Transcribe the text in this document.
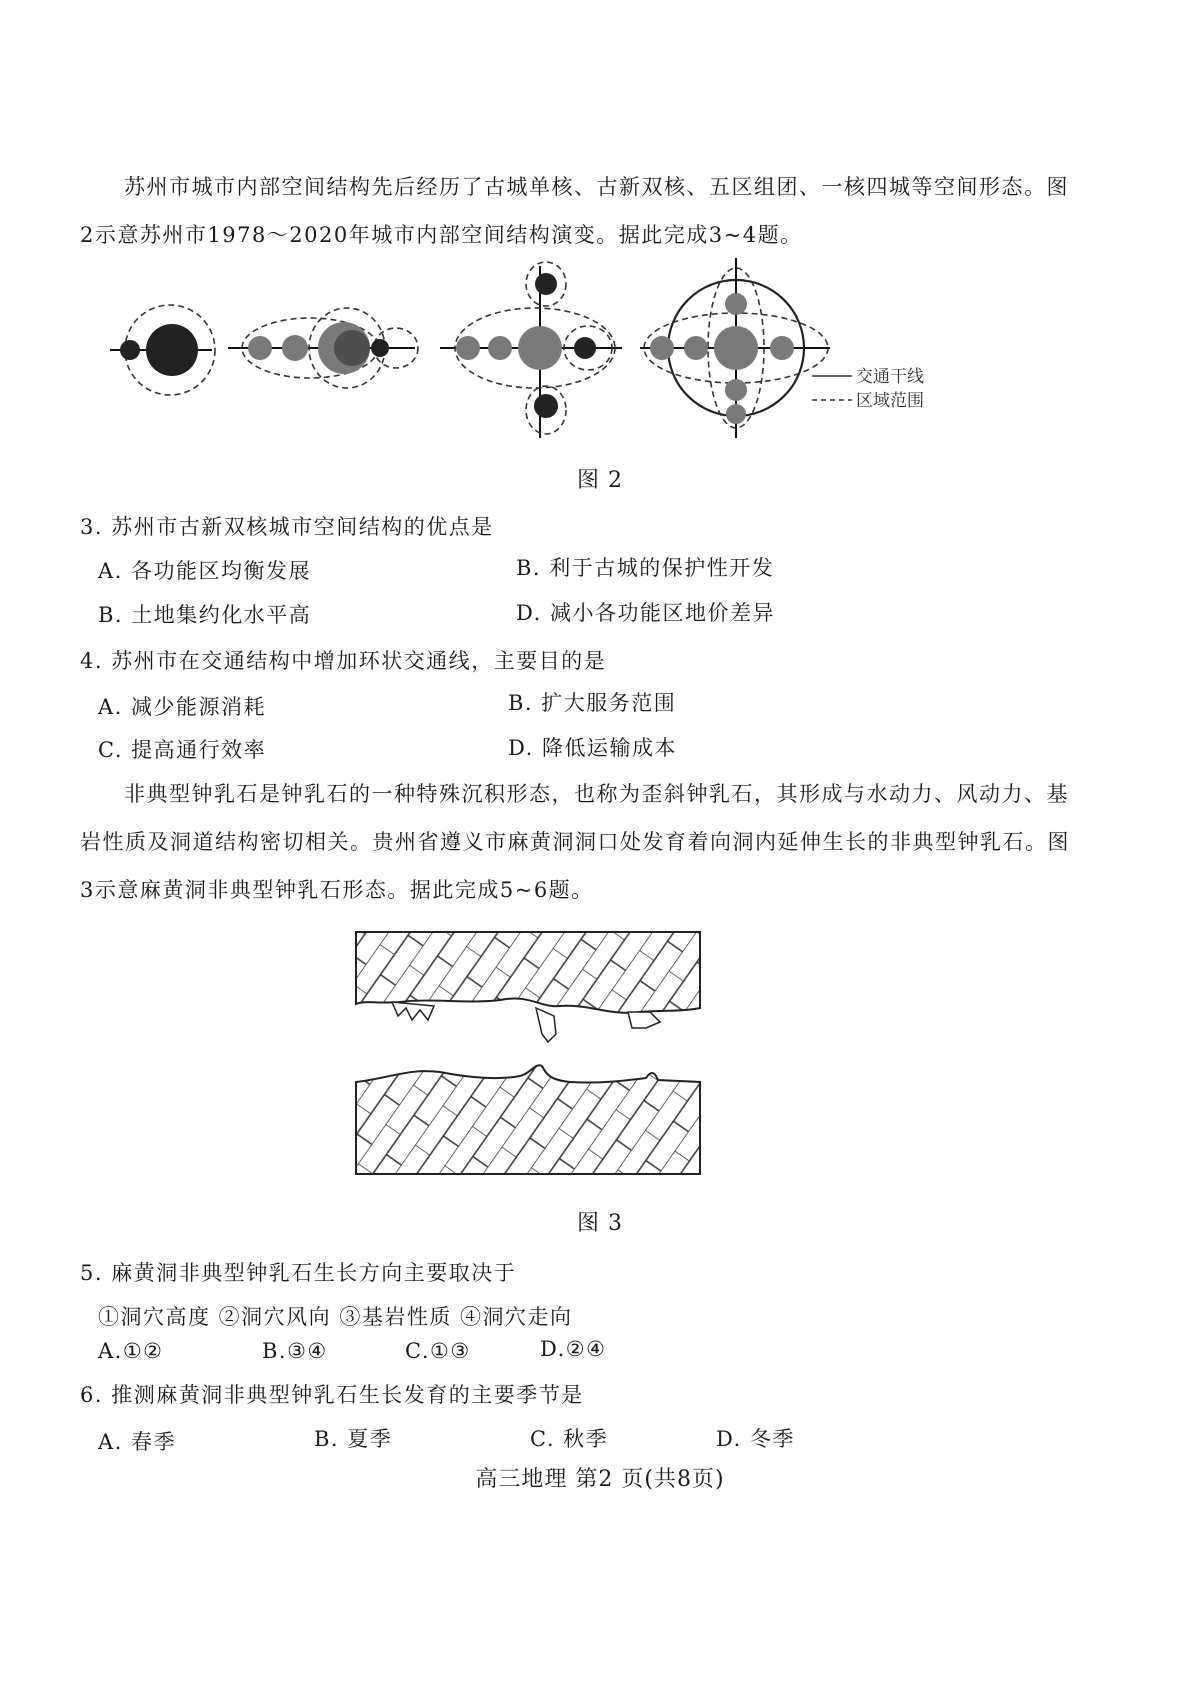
苏州市城市内部空间结构先后经历了古城单核、古新双核、五区组团、一核四城等空间形态。图2示意苏州市1978～2020年城市内部空间结构演变。据此完成3~4题。

交通干线
区域范围

图 2

3. 苏州市古新双核城市空间结构的优点是

A. 各功能区均衡发展	B. 利于古城的保护性开发

B. 土地集约化水平高	D. 减小各功能区地价差异

4. 苏州市在交通结构中增加环状交通线，主要目的是

A. 减少能源消耗	B. 扩大服务范围

C. 提高通行效率	D. 降低运输成本

非典型钟乳石是钟乳石的一种特殊沉积形态，也称为歪斜钟乳石，其形成与水动力、风动力、基岩性质及洞道结构密切相关。贵州省遵义市麻黄洞洞口处发育着向洞内延伸生长的非典型钟乳石。图3示意麻黄洞非典型钟乳石形态。据此完成5~6题。

图 3

5. 麻黄洞非典型钟乳石生长方向主要取决于

①洞穴高度 ②洞穴风向 ③基岩性质 ④洞穴走向

A.①②	B.③④	C.①③	D.②④

6. 推测麻黄洞非典型钟乳石生长发育的主要季节是

A. 春季	B. 夏季	C. 秋季	D. 冬季

高三地理 第2 页(共8页)
